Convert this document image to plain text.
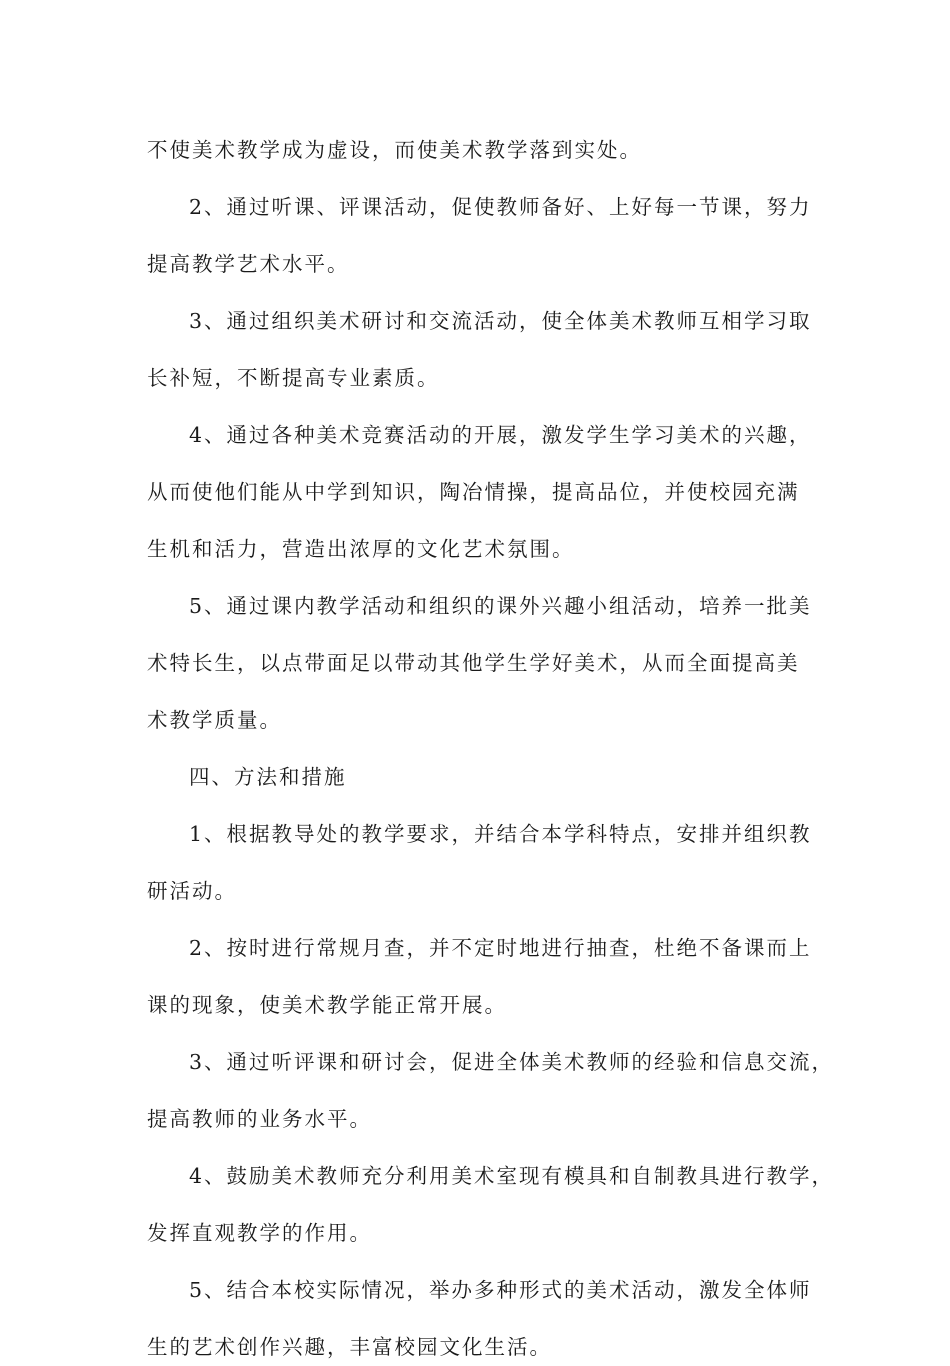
不使美术教学成为虚设，而使美术教学落到实处。
2、通过听课、评课活动，促使教师备好、上好每一节课，努力
提高教学艺术水平。
3、通过组织美术研讨和交流活动，使全体美术教师互相学习取
长补短，不断提高专业素质。
4、通过各种美术竞赛活动的开展，激发学生学习美术的兴趣，
从而使他们能从中学到知识，陶冶情操，提高品位，并使校园充满
生机和活力，营造出浓厚的文化艺术氛围。
5、通过课内教学活动和组织的课外兴趣小组活动，培养一批美
术特长生，以点带面足以带动其他学生学好美术，从而全面提高美
术教学质量。
四、方法和措施
1、根据教导处的教学要求，并结合本学科特点，安排并组织教
研活动。
2、按时进行常规月查，并不定时地进行抽查，杜绝不备课而上
课的现象，使美术教学能正常开展。
3、通过听评课和研讨会，促进全体美术教师的经验和信息交流，
提高教师的业务水平。
4、鼓励美术教师充分利用美术室现有模具和自制教具进行教学，
发挥直观教学的作用。
5、结合本校实际情况，举办多种形式的美术活动，激发全体师
生的艺术创作兴趣，丰富校园文化生活。
